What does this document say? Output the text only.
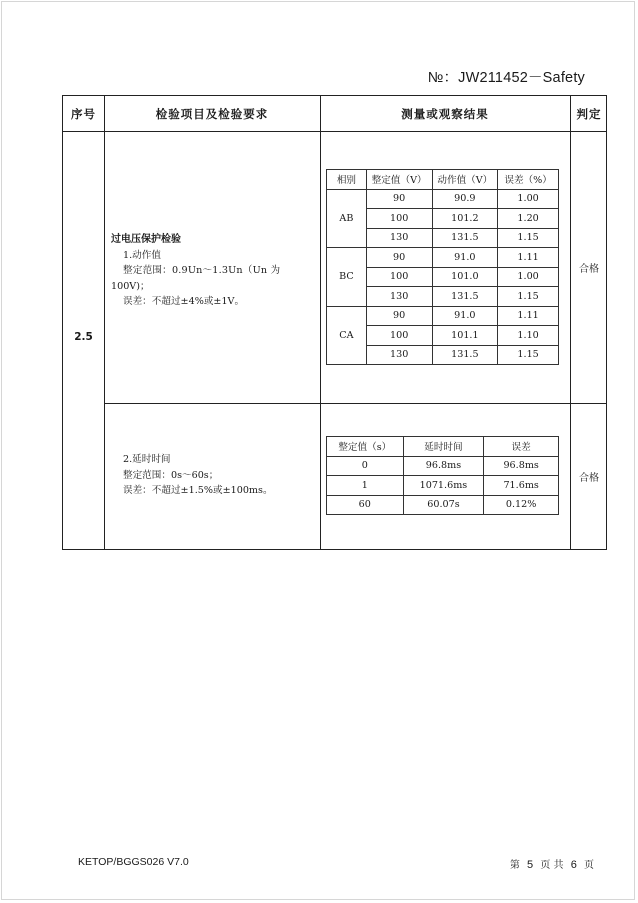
№：JW211452－Safety
序号	检验项目及检验要求	测量或观察结果	判定
2.5
过电压保护检验
1.动作值
整定范围：0.9Un～1.3Un（Un 为
100V)；
误差：不超过±4%或±1V。
相别	整定值（V）	动作值（V）	误差（%）
AB	90	90.9	1.00
	100	101.2	1.20
	130	131.5	1.15
BC	90	91.0	1.11
	100	101.0	1.00
	130	131.5	1.15
CA	90	91.0	1.11
	100	101.1	1.10
	130	131.5	1.15
合格
2.延时时间
整定范围：0s～60s；
误差：不超过±1.5%或±100ms。
整定值（s）	延时时间	误差
0	96.8ms	96.8ms
1	1071.6ms	71.6ms
60	60.07s	0.12%
合格
KETOP/BGGS026 V7.0	第 5 页 共 6 页
